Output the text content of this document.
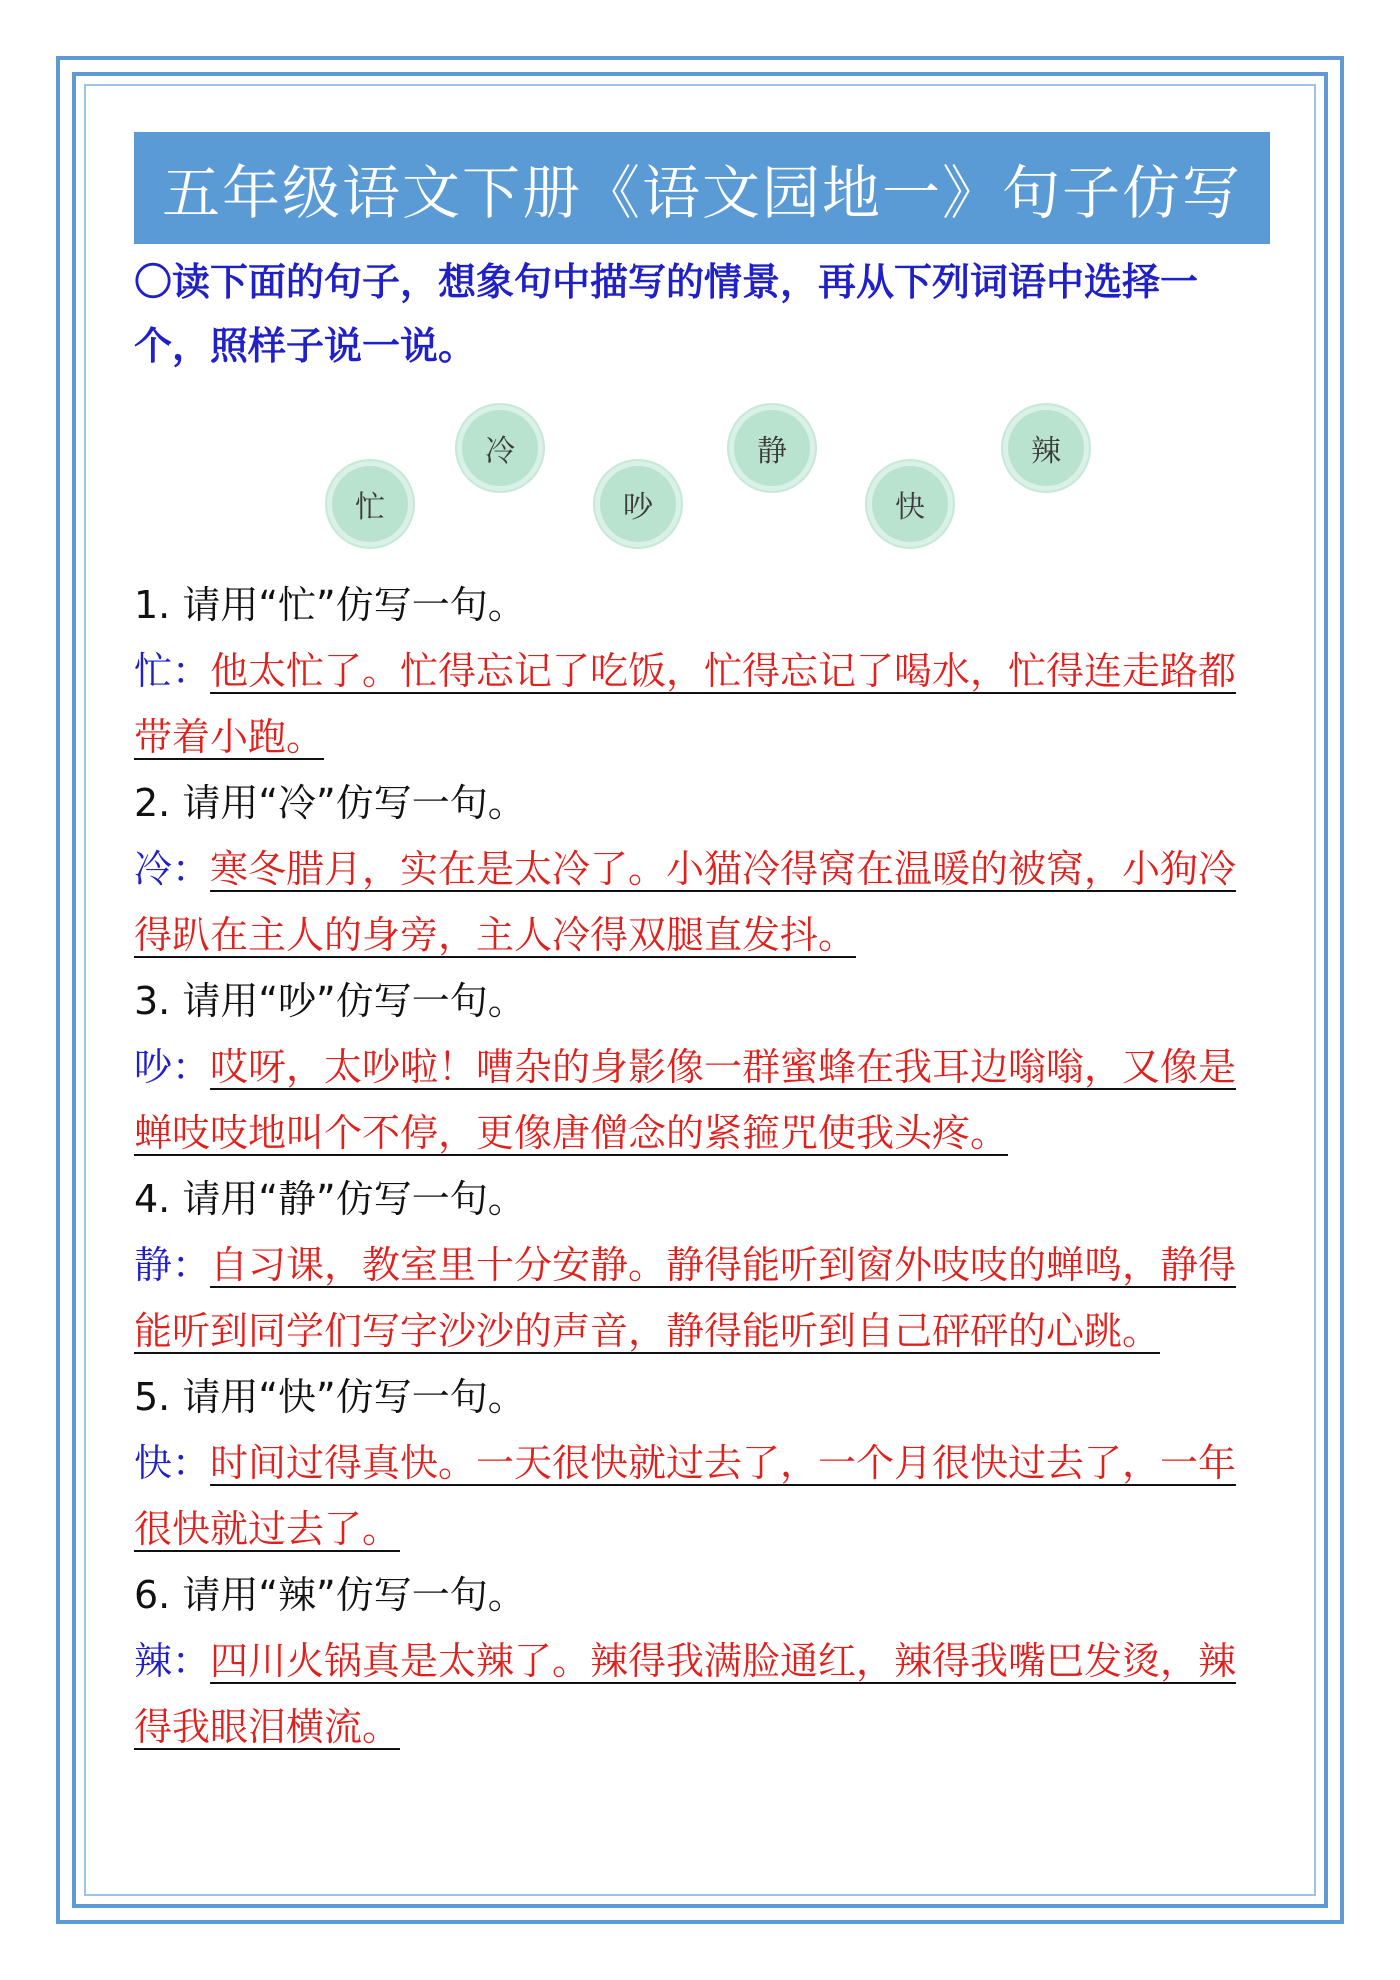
五年级语文下册《语文园地一》句子仿写
〇读下面的句子，想象句中描写的情景，再从下列词语中选择一个，照样子说一说。
忙
冷
吵
静
快
辣
1. 请用“忙”仿写一句。
忙：他太忙了。忙得忘记了吃饭，忙得忘记了喝水，忙得连走路都带着小跑。
2. 请用“冷”仿写一句。
冷：寒冬腊月，实在是太冷了。小猫冷得窝在温暖的被窝，小狗冷得趴在主人的身旁，主人冷得双腿直发抖。
3. 请用“吵”仿写一句。
吵：哎呀，太吵啦！嘈杂的身影像一群蜜蜂在我耳边嗡嗡，又像是蝉吱吱地叫个不停，更像唐僧念的紧箍咒使我头疼。
4. 请用“静”仿写一句。
静：自习课，教室里十分安静。静得能听到窗外吱吱的蝉鸣，静得能听到同学们写字沙沙的声音，静得能听到自己砰砰的心跳。
5. 请用“快”仿写一句。
快：时间过得真快。一天很快就过去了，一个月很快过去了，一年很快就过去了。
6. 请用“辣”仿写一句。
辣：四川火锅真是太辣了。辣得我满脸通红，辣得我嘴巴发烫，辣得我眼泪横流。
